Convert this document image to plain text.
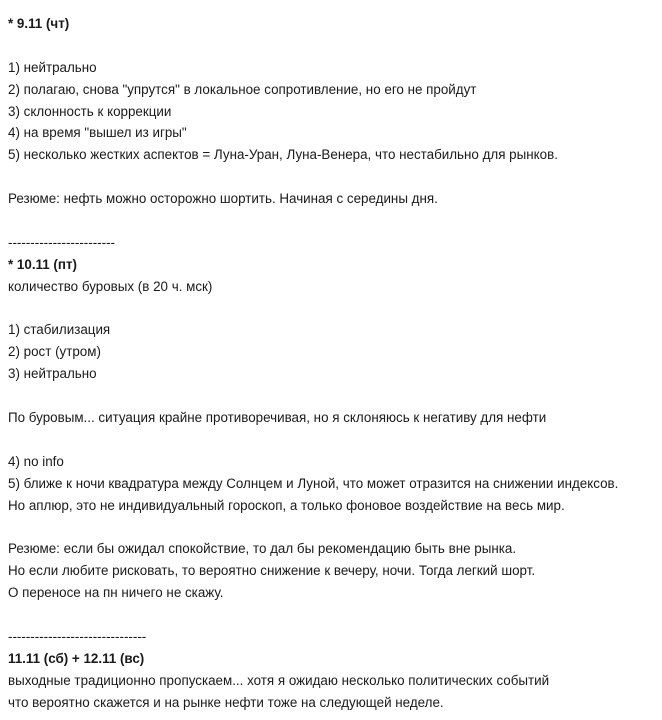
* 9.11 (чт)
1) нейтрально
2) полагаю, снова "упрутся" в локальное сопротивление, но его не пройдут
3) склонность к коррекции
4) на время "вышел из игры"
5) несколько жестких аспектов = Луна-Уран, Луна-Венера, что нестабильно для рынков.
Резюме: нефть можно осторожно шортить. Начиная с середины дня.
------------------------
* 10.11 (пт)
количество буровых (в 20 ч. мск)
1) стабилизация
2) рост (утром)
3) нейтрально
По буровым... ситуация крайне противоречивая, но я склоняюсь к негативу для нефти
4) no info
5) ближе к ночи квадратура между Солнцем и Луной, что может отразится на снижении индексов.
Но аплюр, это не индивидуальный гороскоп, а только фоновое воздействие на весь мир.
Резюме: если бы ожидал спокойствие, то дал бы рекомендацию быть вне рынка.
Но если любите рисковать, то вероятно снижение к вечеру, ночи. Тогда легкий шорт.
О переносе на пн ничего не скажу.
-------------------------------
11.11 (сб) + 12.11 (вс)
выходные традиционно пропускаем... хотя я ожидаю несколько политических событий
что вероятно скажется и на рынке нефти тоже на следующей неделе.
